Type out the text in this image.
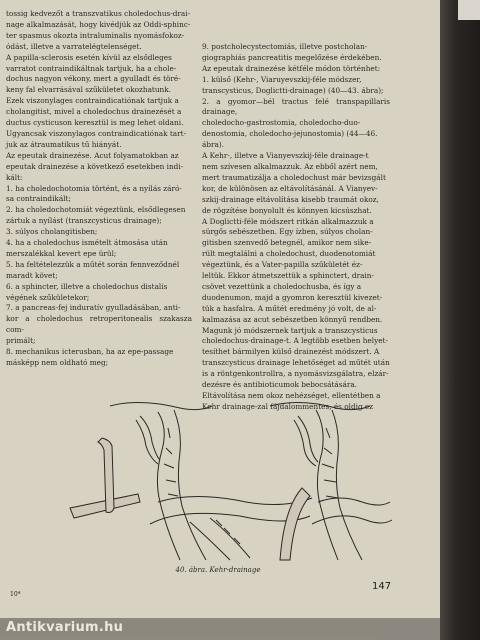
tossig kedvezőt a transzvatikus choledochus-drai-

nage alkalmazását, hogy kivédjük az Oddi-sphinc-

ter spasmus okozta intraluminalis nyomásfokoz-

ódást, illetve a varratelégtelenséget.

A papilla-sclerosis esetén kívül az elsődleges

varratot contraindikáltnak tartjuk, ha a chole-

dochus nagyon vékony, mert a gyulladt és töré-

keny fal elvarrásával szűkületet okozhatunk.

Ezek viszonylages contraindicatiónak tartjuk a

cholangitist, mivel a choledochus drainezését a

ductus cysticuson keresztül is meg lehet oldani.

Ugyancsak viszonylagos contraindicatiónak tart-

juk az átraumatikus tű hiányát.

Az epeutak drainezése. Acut folyamatokban az

epeutak drainezése a következő esetekben indi-

kált:

1. ha choledochotomia történt, és a nyílás záró-

sa contraindikált;

2. ha choledochotomiát végeztünk, elsődlegesen

zártuk a nyílást (transzcysticus drainage);

3. súlyos cholangitisben;

4. ha a choledochus ismételt átmosása után

merszalékkal kevert epe ürül;

5. ha feltételezzük a műtét során fennveződnél

maradt követ;

6. a sphincter, illetve a choledochus distalis

végének szűkületekor;

7. a pancreas-fej induratív gyulladásában, anti-

kor a choledochus retroperitonealis szakasza com-

primált;

8. mechanikus icterusban, ha az epe-passage

másképp nem oldható meg;

9. postcholecystectomiás, illetve postcholan-

giographiás pancreatitis megelőzése érdekében.

Az epeutak drainezése kétféle módon történhet:

1. külső (Kehr-, Viaruyevszkij-féle módszer,

transcysticus, Doglictti-drainage) (40—43. ábra);

2. a gyomor—bél tractus felé transpapillaris drainage,

choledocho-gastrostomia, choledocho-duo-

denostomia, choledocho-jejunostomia) (44—46.

ábra).

A Kehr-, illetve a Vianyevszkij-féle drainage-t

nem szívesen alkalmazzuk. Az ebből azért nem,

mert traumatizálja a choledochust már bevizsgált

kor, de különösen az eltávolításánál. A Vianyev-

szkij-drainage eltávolítása kisebb traumát okoz,

de rögzítése bonyolult és könnyen kicsúszhat.

A Doglictti-féle módszert ritkán alkalmazzuk a

sürgős sebészetben. Egy ízben, súlyos cholan-

gitisben szenvedő betegnél, amikor nem sike-

rült megtalálni a choledochust, duodenotomiát

végeztünk, és a Vater-papilla szűkületét éz-

leltük. Ekkor átmetszettük a sphinctert, drain-

csövet vezettünk a choledochusba, és így a

duodenumon, majd a gyomron keresztül kivezet-

tük a hasfalra. A műtét eredmény jó volt, de al-

kalmazása az acut sebészetben könnyű rendben.

Magunk jó módszernek tartjuk a transzcysticus

choledochus-drainage-t. A legtöbb esetben helyet-

tesíthet bármilyen külső drainezést módszert. A

transzcysticus drainage lehetőséget ad műtét után

is a röntgenkontrollra, a nyomásvizsgálatra, elzár-

dezésre és antibioticumok bebocsátására.

Eltávolítása nem okoz nehézséget, ellentétben a

Kehr drainage-zal fájdalommentes, és oldig ez

40. ábra. Kehr-drainage
147
10*
Antikvarium.hu
